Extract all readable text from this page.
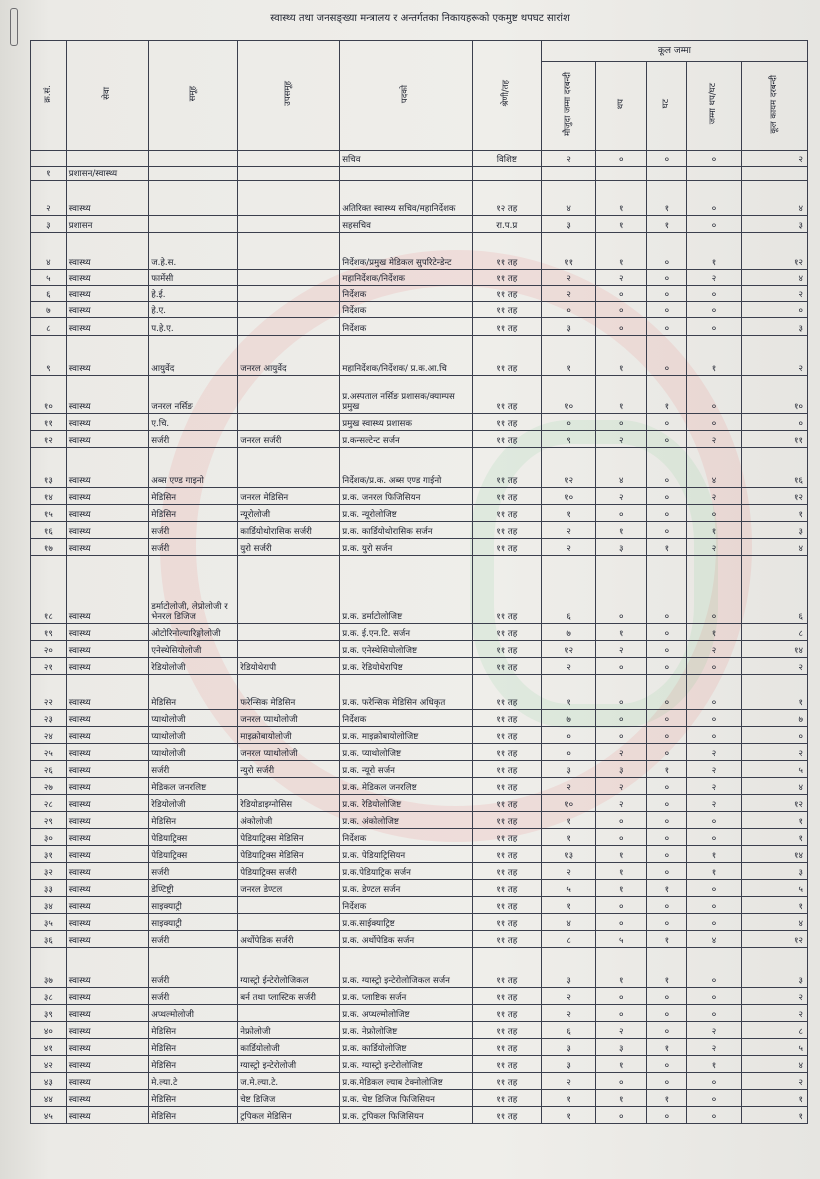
स्वास्थ्य तथा जनसङ्ख्या मन्त्रालय र अन्तर्गतका निकायहरूको एकमुष्ट थपघट सारांश
क्र.सं.	सेवा	समूह	उपसमूह	पदको	श्रेणी/तह	कूल जम्मा				
						मौजुदा जम्मा दरबन्दी	थप	घट	जम्मा थप/घट	कूल कायम दरबन्दी
				सचिव	विशिष्ट	२	०	०	०	२
१	प्रशासन/स्वास्थ्य									
२	स्वास्थ्य			अतिरिक्त स्वास्थ्य सचिव/महानिर्देशक	१२ तह	४	१	१	०	४
३	प्रशासन			सहसचिव	रा.प.प्र	३	१	१	०	३
४	स्वास्थ्य	ज.हे.स.		निर्देशक/प्रमुख मेडिकल सुपरिटेन्डेन्ट	११ तह	११	१	०	१	१२
५	स्वास्थ्य	फार्मेसी		महानिर्देशक/निर्देशक	११ तह	२	२	०	२	४
६	स्वास्थ्य	हे.ई.		निर्देशक	११ तह	२	०	०	०	२
७	स्वास्थ्य	हे.ए.		निर्देशक	११ तह	०	०	०	०	०
८	स्वास्थ्य	प.हे.ए.		निर्देशक	११ तह	३	०	०	०	३
९	स्वास्थ्य	आयुर्वेद	जनरल आयुर्वेद	महानिर्देशक/निर्देशक/ प्र.क.आ.चि	११ तह	१	१	०	१	२
१०	स्वास्थ्य	जनरल नर्सिङ		प्र.अस्पताल नर्सिङ प्रशासक/क्याम्पस प्रमुख	११ तह	१०	१	१	०	१०
११	स्वास्थ्य	ए.चि.		प्रमुख स्वास्थ्य प्रशासक	११ तह	०	०	०	०	०
१२	स्वास्थ्य	सर्जरी	जनरल सर्जरी	प्र.कन्सल्टेन्ट सर्जन	११ तह	९	२	०	२	११
१३	स्वास्थ्य	अब्स एण्ड गाइनो		निर्देशक/प्र.क. अब्स एण्ड गाईनो	११ तह	१२	४	०	४	१६
१४	स्वास्थ्य	मेडिसिन	जनरल मेडिसिन	प्र.क. जनरल फिजिसियन	११ तह	१०	२	०	२	१२
१५	स्वास्थ्य	मेडिसिन	न्यूरोलोजी	प्र.क. न्यूरोलोजिष्ट	११ तह	१	०	०	०	१
१६	स्वास्थ्य	सर्जरी	कार्डियोथोरासिक सर्जरी	प्र.क. कार्डियोथोरासिक सर्जन	११ तह	२	१	०	१	३
१७	स्वास्थ्य	सर्जरी	युरो सर्जरी	प्र.क. युरो सर्जन	११ तह	२	३	१	२	४
१८	स्वास्थ्य	डर्माटोलोजी, लेप्रोलोजी र भेनरल डिजिज		प्र.क. डर्माटोलोजिष्ट	११ तह	६	०	०	०	६
१९	स्वास्थ्य	ओटोरिनोल्यारिङ्गोलोजी		प्र.क. ई.एन.टि. सर्जन	११ तह	७	१	०	१	८
२०	स्वास्थ्य	एनेस्थेसियोलोजी		प्र.क. एनेस्थेसियोलोजिष्ट	११ तह	१२	२	०	२	१४
२१	स्वास्थ्य	रेडियोलोजी	रेडियोथेरापी	प्र.क. रेडियोथेरापिष्ट	११ तह	२	०	०	०	२
२२	स्वास्थ्य	मेडिसिन	फरेन्सिक मेडिसिन	प्र.क. फरेन्सिक मेडिसिन अधिकृत	११ तह	१	०	०	०	१
२३	स्वास्थ्य	प्याथोलोजी	जनरल प्याथोलोजी	निर्देशक	११ तह	७	०	०	०	७
२४	स्वास्थ्य	प्याथोलोजी	माइक्रोबायोलोजी	प्र.क. माइक्रोबायोलोजिष्ट	११ तह	०	०	०	०	०
२५	स्वास्थ्य	प्याथोलोजी	जनरल प्याथोलोजी	प्र.क. प्याथोलोजिष्ट	११ तह	०	२	०	२	२
२६	स्वास्थ्य	सर्जरी	न्युरो सर्जरी	प्र.क. न्यूरो सर्जन	११ तह	३	३	१	२	५
२७	स्वास्थ्य	मेडिकल जनरलिष्ट		प्र.क. मेडिकल जनरलिष्ट	११ तह	२	२	०	२	४
२८	स्वास्थ्य	रेडियोलोजी	रेडियोडाइग्नोसिस	प्र.क. रेडियोलोजिष्ट	११ तह	१०	२	०	२	१२
२९	स्वास्थ्य	मेडिसिन	अंकोलोजी	प्र.क. अंकोलोजिष्ट	११ तह	१	०	०	०	१
३०	स्वास्थ्य	पेडियाट्रिक्स	पेडियाट्रिक्स मेडिसिन	निर्देशक	११ तह	१	०	०	०	१
३१	स्वास्थ्य	पेडियाट्रिक्स	पेडियाट्रिक्स मेडिसिन	प्र.क. पेडियाट्रिसियन	११ तह	१३	१	०	१	१४
३२	स्वास्थ्य	सर्जरी	पेडियाट्रिक्स सर्जरी	प्र.क.पेडियाट्रिक सर्जन	११ तह	२	१	०	१	३
३३	स्वास्थ्य	डेण्टिष्ट्री	जनरल डेण्टल	प्र.क. डेण्टल सर्जन	११ तह	५	१	१	०	५
३४	स्वास्थ्य	साइक्याट्री		निर्देशक	११ तह	१	०	०	०	१
३५	स्वास्थ्य	साइक्याट्री		प्र.क.साईक्याट्रिष्ट	११ तह	४	०	०	०	४
३६	स्वास्थ्य	सर्जरी	अर्थोपेडिक सर्जरी	प्र.क. अर्थोपेडिक सर्जन	११ तह	८	५	१	४	१२
३७	स्वास्थ्य	सर्जरी	ग्यास्ट्रो ईन्टेरोलोजिकल	प्र.क. ग्यास्ट्रो इन्टेरोलोजिकल सर्जन	११ तह	३	१	१	०	३
३८	स्वास्थ्य	सर्जरी	बर्न तथा प्लास्टिक सर्जरी	प्र.क. प्लाष्टिक सर्जन	११ तह	२	०	०	०	२
३९	स्वास्थ्य	अप्थल्मोलोजी		प्र.क. अप्थल्मोलोजिष्ट	११ तह	२	०	०	०	२
४०	स्वास्थ्य	मेडिसिन	नेफ्रोलोजी	प्र.क. नेफ्रोलोजिष्ट	११ तह	६	२	०	२	८
४१	स्वास्थ्य	मेडिसिन	कार्डियोलोजी	प्र.क. कार्डियोलोजिष्ट	११ तह	३	३	१	२	५
४२	स्वास्थ्य	मेडिसिन	ग्यास्ट्रो इन्टेरोलोजी	प्र.क. ग्यास्ट्रो इन्टेरोलोजिष्ट	११ तह	३	१	०	१	४
४३	स्वास्थ्य	मे.ल्या.टे	ज.मे.ल्या.टे.	प्र.क.मेडिकल ल्याब टेक्नोलोजिष्ट	११ तह	२	०	०	०	२
४४	स्वास्थ्य	मेडिसिन	चेष्ट डिजिज	प्र.क. चेष्ट डिजिज फिजिसियन	११ तह	१	१	१	०	१
४५	स्वास्थ्य	मेडिसिन	ट्रपिकल मेडिसिन	प्र.क. ट्रपिकल फिजिसियन	११ तह	१	०	०	०	१
